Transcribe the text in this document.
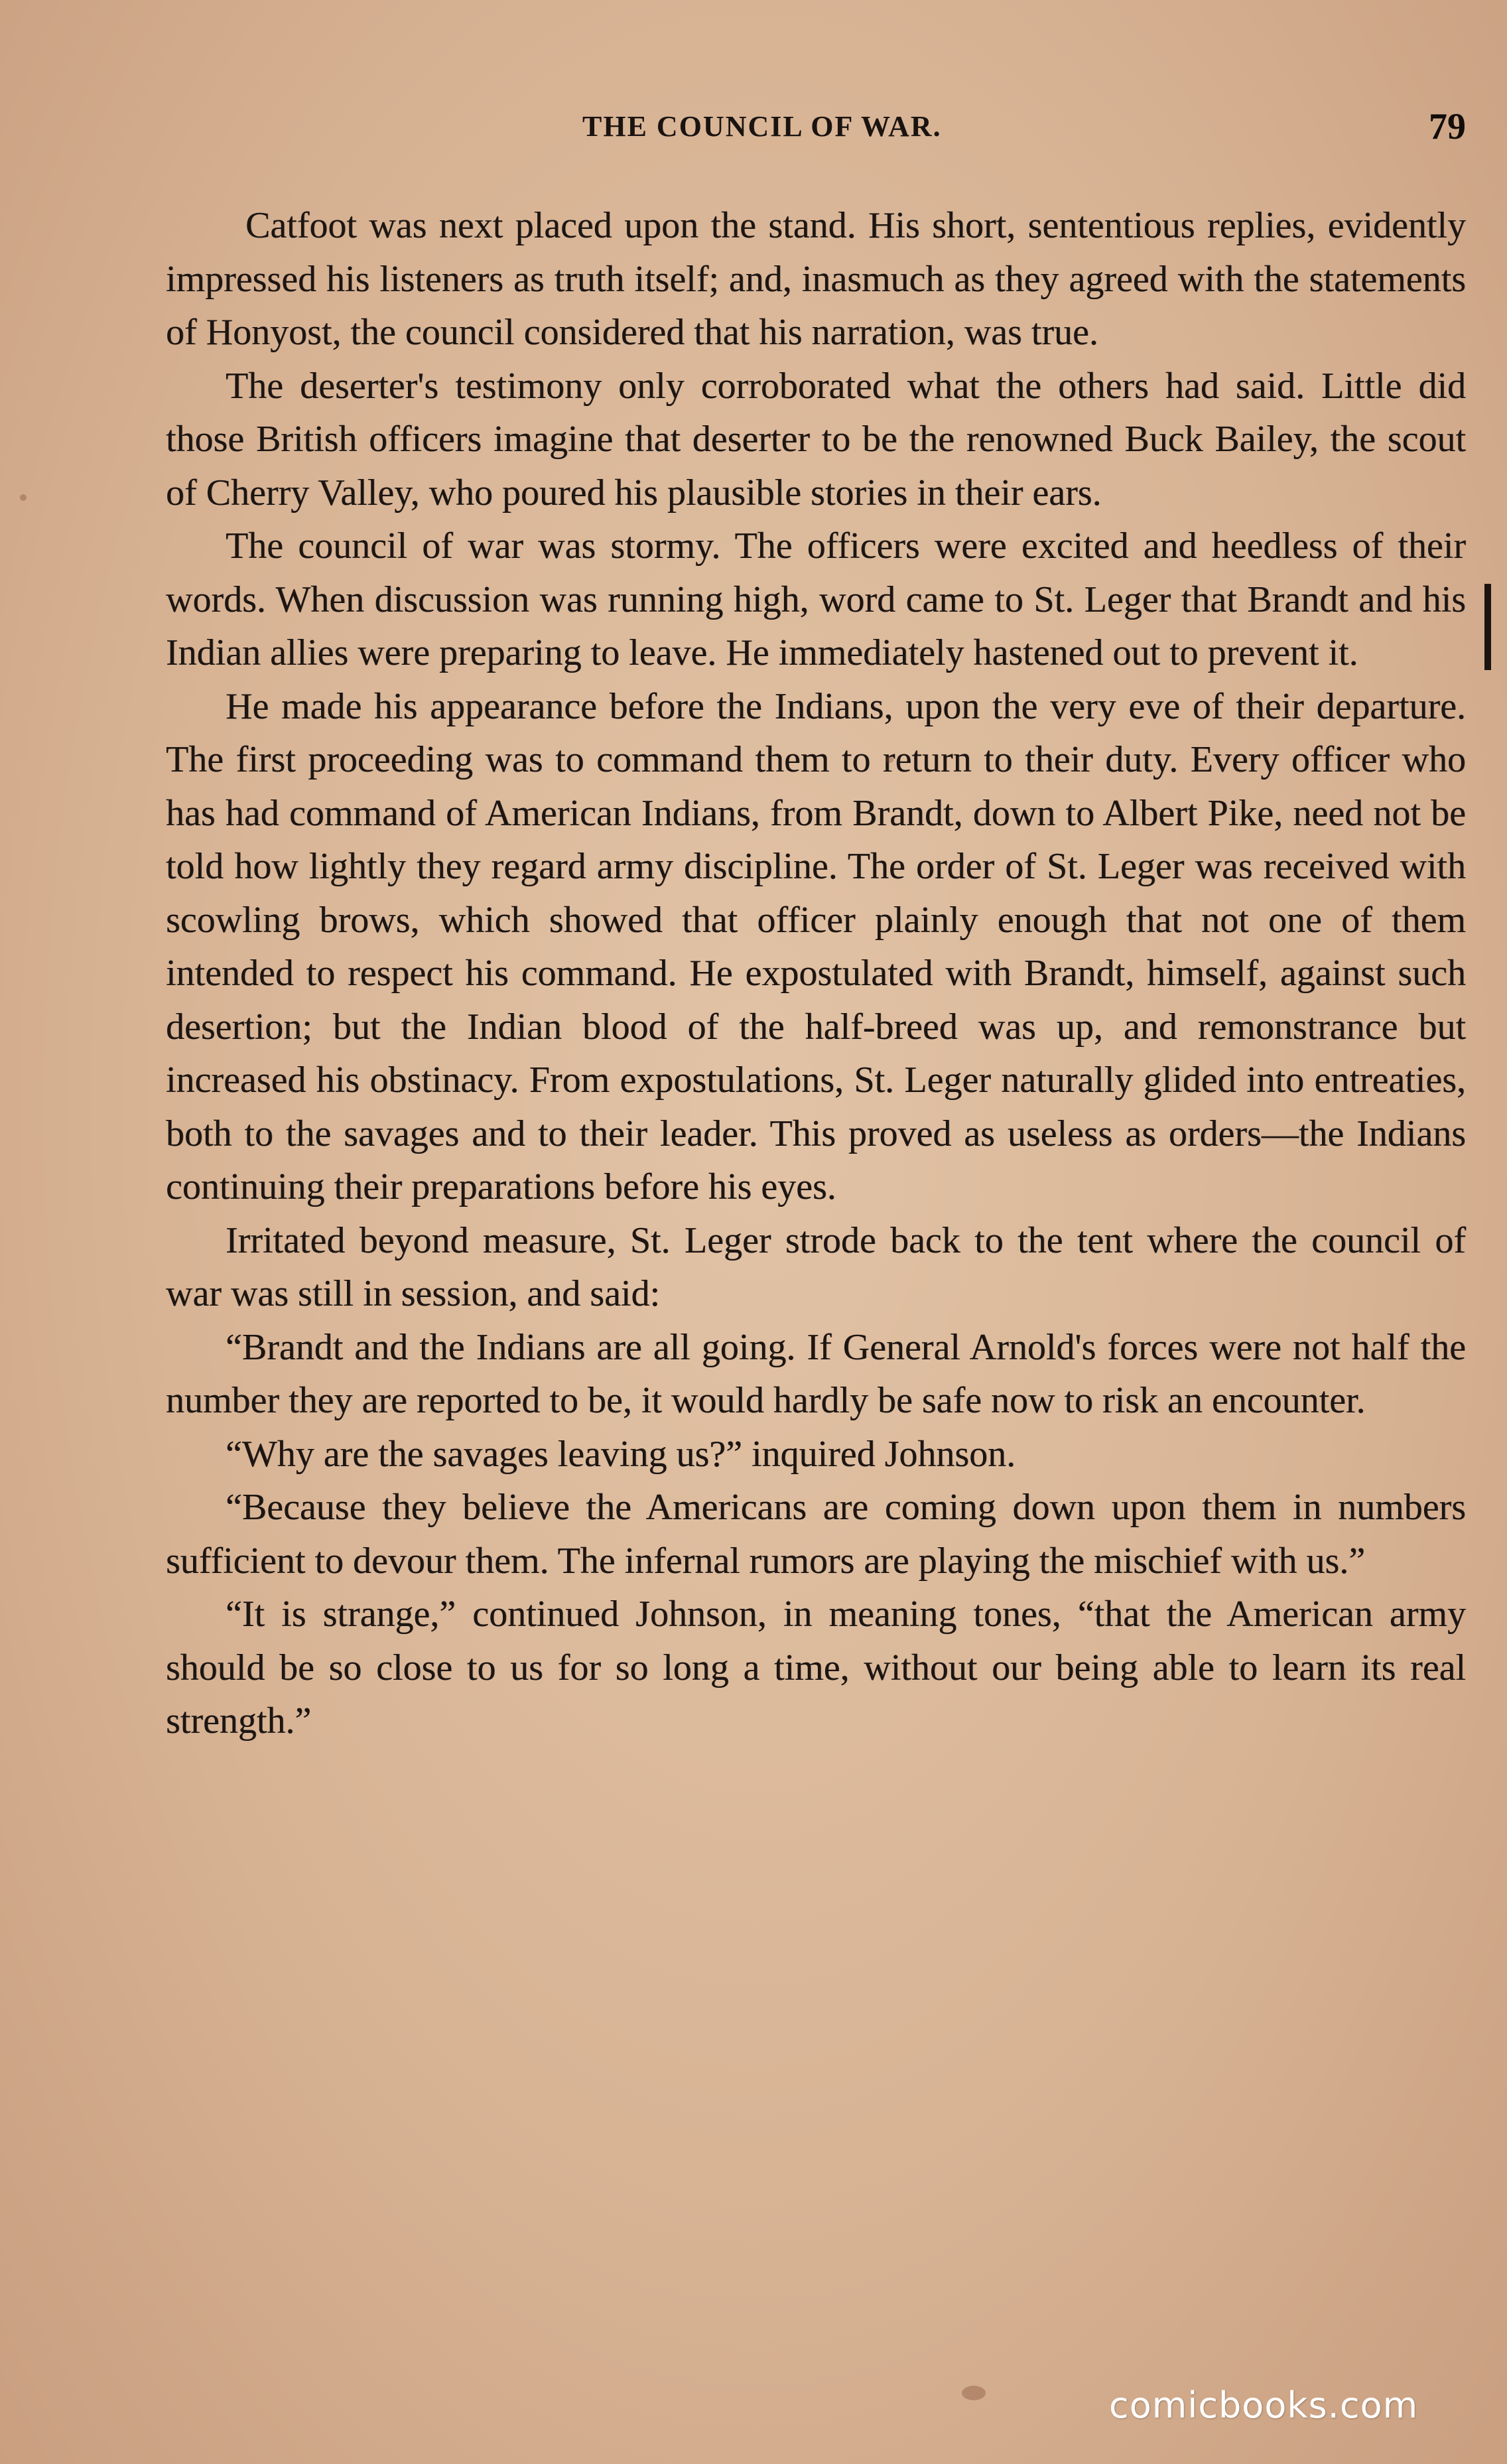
THE COUNCIL OF WAR.	79

Catfoot was next placed upon the stand. His short, sententious replies, evidently impressed his listeners as truth itself; and, inasmuch as they agreed with the statements of Honyost, the council considered that his narration, was true.

The deserter's testimony only corroborated what the others had said. Little did those British officers imagine that deserter to be the renowned Buck Bailey, the scout of Cherry Valley, who poured his plausible stories in their ears.

The council of war was stormy. The officers were excited and heedless of their words. When discussion was running high, word came to St. Leger that Brandt and his Indian allies were preparing to leave. He immediately hastened out to prevent it.

He made his appearance before the Indians, upon the very eve of their departure. The first proceeding was to command them to return to their duty. Every officer who has had command of American Indians, from Brandt, down to Albert Pike, need not be told how lightly they regard army discipline. The order of St. Leger was received with scowling brows, which showed that officer plainly enough that not one of them intended to respect his command. He expostulated with Brandt, himself, against such desertion; but the Indian blood of the half-breed was up, and remonstrance but increased his obstinacy. From expostulations, St. Leger naturally glided into entreaties, both to the savages and to their leader. This proved as useless as orders—the Indians continuing their preparations before his eyes.

Irritated beyond measure, St. Leger strode back to the tent where the council of war was still in session, and said:

“Brandt and the Indians are all going. If General Arnold's forces were not half the number they are reported to be, it would hardly be safe now to risk an encounter.

“Why are the savages leaving us?” inquired Johnson.

“Because they believe the Americans are coming down upon them in numbers sufficient to devour them. The infernal rumors are playing the mischief with us.”

“It is strange,” continued Johnson, in meaning tones, “that the American army should be so close to us for so long a time, without our being able to learn its real strength.”

comicbooks.com
